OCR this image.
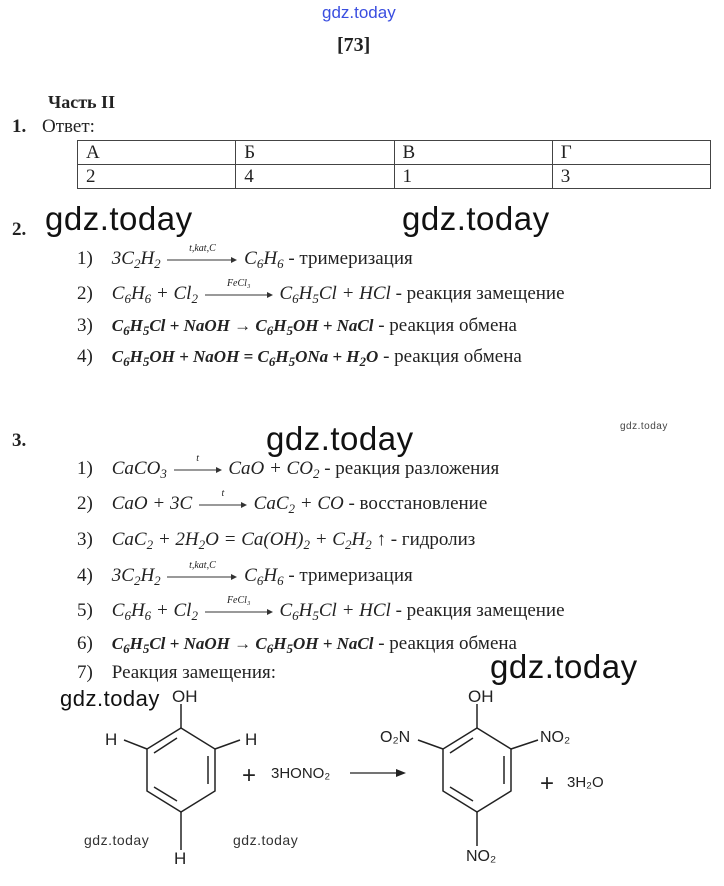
gdz.today
[73]
Часть II
1. Ответ:
А	Б	В	Г
2	4	1	3
gdz.today	gdz.today
2.
1) $3C_2H_2$
t,kat,C	$C_6H_6$ - тримеризация
2) $C_6H_6 + Cl_2$
FeCl₃	$C_6H_5Cl$ + HCl - реакция замещение
3) $C_6H_5Cl$ + NaOH → $C_6H_5OH$ + NaCl - реакция обмена
4) $C_6H_5OH$ + NaOH = $C_6H_5ONa + H_2O$ - реакция обмена
3.	gdz.today	gdz.today
1) CaCO$_3$
t	CaO + $CO_2$ - реакция разложения
2) CaO + 3C	t	CaC$_2$ + CO - восстановление
3) $CaC_2 + 2H_2O = Ca(OH)_2 + C_2H_2$ ↑ - гидролиз
4) $3C_2H_2$
t,kat,C	$C_6H_6$ - тримеризация
5) $C_6H_6 + Cl_2$
FeCl₃	$C_6H_5Cl$ + HCl - реакция замещение
6) $C_6H_5Cl$ + NaOH → $C_6H_5OH$ + NaCl - реакция обмена
7) Реакция замещения:	gdz.today
gdz.today OH
H	H
H
+ 3HONO₂
OH
O₂N	NO₂
NO₂
+ 3H₂O
gdz.today	gdz.today
